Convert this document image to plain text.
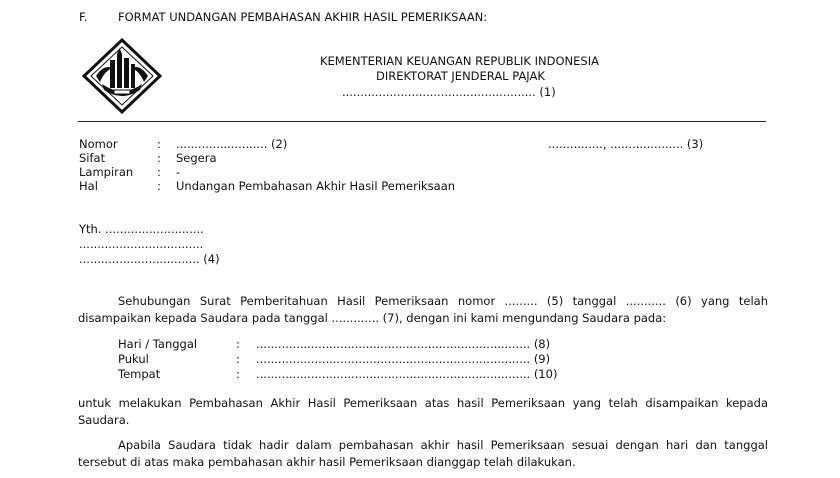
F.	FORMAT UNDANGAN PEMBAHASAN AKHIR HASIL PEMERIKSAAN:
KEMENTERIAN KEUANGAN REPUBLIK INDONESIA
DIREKTORAT JENDERAL PAJAK
..................................................... (1)
Nomor	: ......................... (2)	..............., .................... (3)
Sifat	: Segera
Lampiran : -
Hal	: Undangan Pembahasan Akhir Hasil Pemeriksaan
Yth. ...........................
..................................
................................. (4)
Sehubungan Surat Pemberitahuan Hasil Pemeriksaan nomor ......... (5) tanggal ........... (6) yang telah disampaikan kepada Saudara pada tanggal ............. (7), dengan ini kami mengundang Saudara pada:
Hari / Tanggal	: ........................................................................... (8)
Pukul	: ........................................................................... (9)
Tempat	: ........................................................................... (10)
untuk melakukan Pembahasan Akhir Hasil Pemeriksaan atas hasil Pemeriksaan yang telah disampaikan kepada Saudara.
Apabila Saudara tidak hadir dalam pembahasan akhir hasil Pemeriksaan sesuai dengan hari dan tanggal tersebut di atas maka pembahasan akhir hasil Pemeriksaan dianggap telah dilakukan.
